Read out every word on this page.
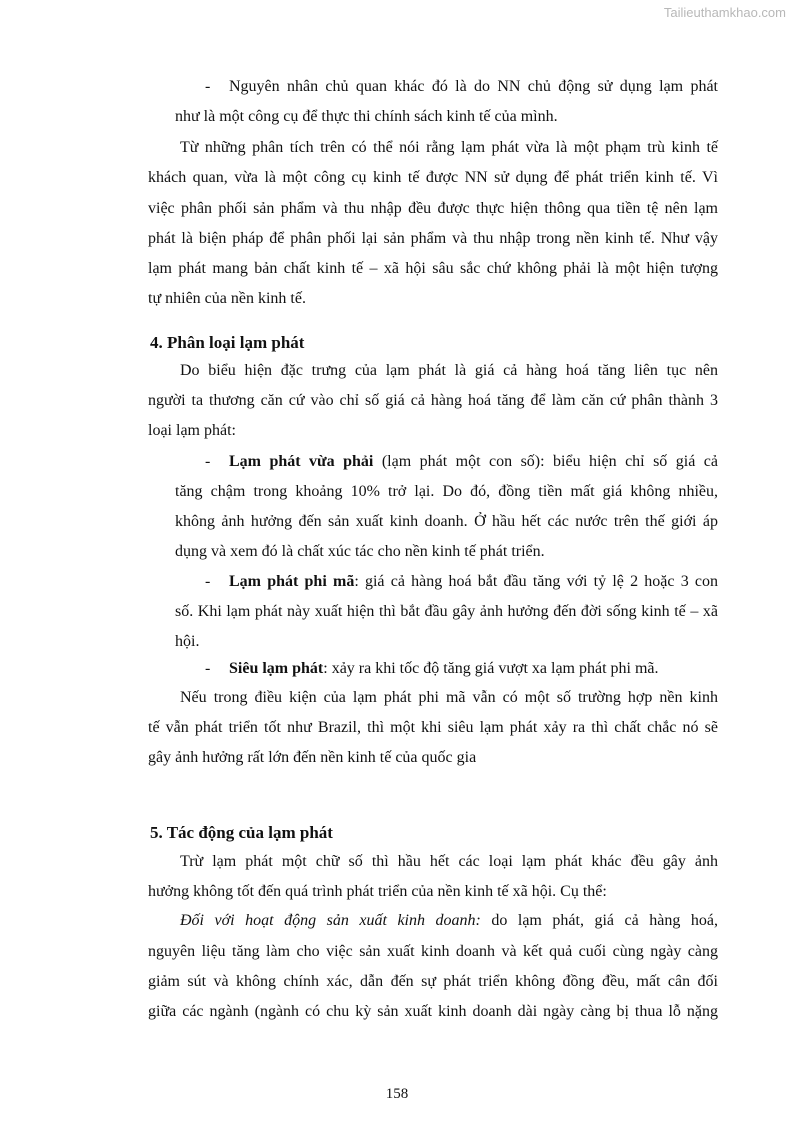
Tailieuthamkhao.com
- Nguyên nhân chủ quan khác đó là do NN chủ động sử dụng lạm phát
như là một công cụ để thực thi chính sách kinh tế của mình.
Từ những phân tích trên có thể nói rằng lạm phát vừa là một phạm trù kinh tế
khách quan, vừa là một công cụ kinh tế được NN sử dụng để phát triển kinh tế. Vì
việc phân phối sản phẩm và thu nhập đều được thực hiện thông qua tiền tệ nên lạm
phát là biện pháp để phân phối lại sản phẩm và thu nhập trong nền kinh tế. Như vậy
lạm phát mang bản chất kinh tế – xã hội sâu sắc chứ không phải là một hiện tượng
tự nhiên của nền kinh tế.
Do biểu hiện đặc trưng của lạm phát là giá cả hàng hoá tăng liên tục nên
người ta thương căn cứ vào chỉ số giá cả hàng hoá tăng để làm căn cứ phân thành 3
loại lạm phát:
- Lạm phát vừa phải (lạm phát một con số): biểu hiện chỉ số giá cả
tăng chậm trong khoảng 10% trở lại. Do đó, đồng tiền mất giá không nhiều,
không ảnh hưởng đến sản xuất kinh doanh. Ở hầu hết các nước trên thế giới áp
dụng và xem đó là chất xúc tác cho nền kinh tế phát triển.
- Lạm phát phi mã: giá cả hàng hoá bắt đầu tăng với tỷ lệ 2 hoặc 3 con
số. Khi lạm phát này xuất hiện thì bắt đầu gây ảnh hưởng đến đời sống kinh tế – xã
hội.
- Siêu lạm phát: xảy ra khi tốc độ tăng giá vượt xa lạm phát phi mã.
Nếu trong điều kiện của lạm phát phi mã vẫn có một số trường hợp nền kinh
tế vẫn phát triển tốt như Brazil, thì một khi siêu lạm phát xảy ra thì chất chắc nó sẽ
gây ảnh hưởng rất lớn đến nền kinh tế của quốc gia
Trừ lạm phát một chữ số thì hầu hết các loại lạm phát khác đều gây ảnh
hưởng không tốt đến quá trình phát triển của nền kinh tế xã hội. Cụ thể:
Đối với hoạt động sản xuất kinh doanh: do lạm phát, giá cả hàng hoá,
nguyên liệu tăng làm cho việc sản xuất kinh doanh và kết quả cuối cùng ngày càng
giảm sút và không chính xác, dẫn đến sự phát triển không đồng đều, mất cân đối
giữa các ngành (ngành có chu kỳ sản xuất kinh doanh dài ngày càng bị thua lỗ nặng
4. Phân loại lạm phát
5. Tác động của lạm phát
158
